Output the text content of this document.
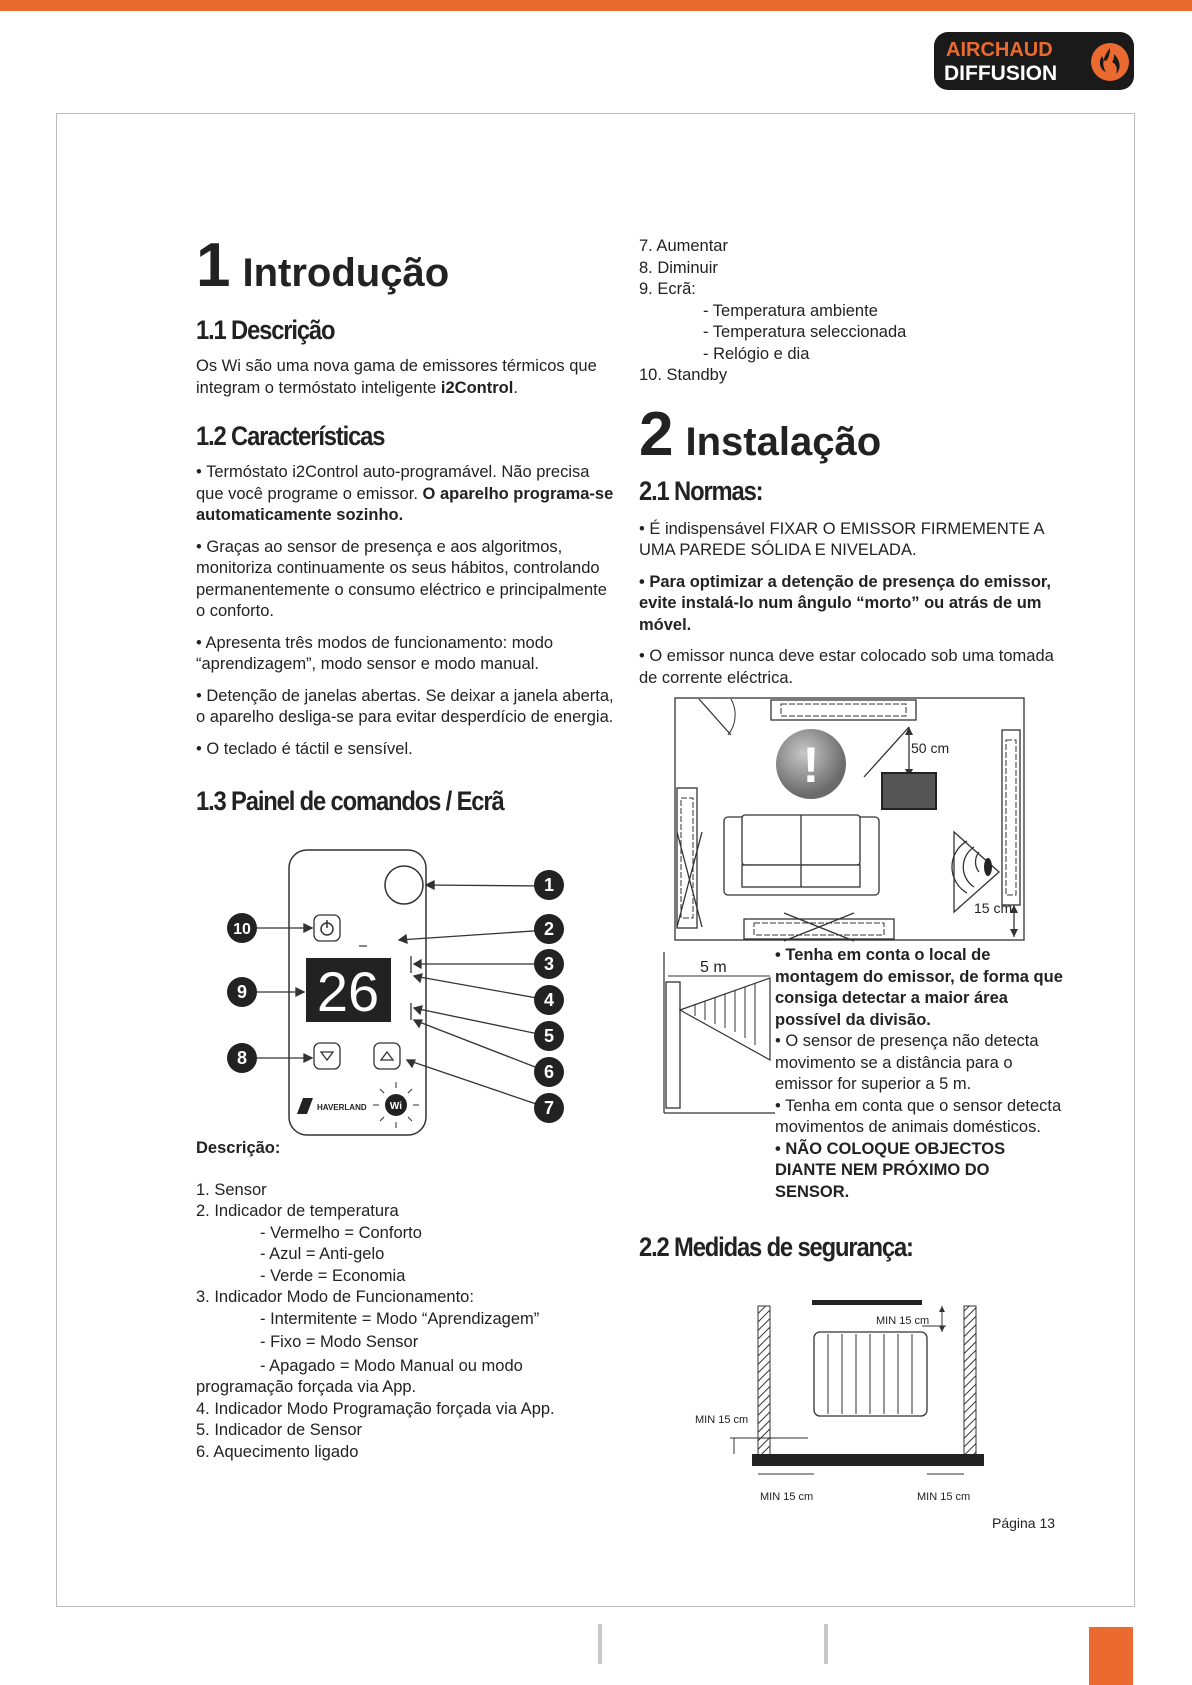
AIRCHAUD
DIFFUSION
1 Introdução
1.1 Descrição

Os Wi são uma nova gama de emissores térmicos que integram o termóstato inteligente i2Control.

1.2 Características

• Termóstato i2Control auto-programável. Não precisa que você programe o emissor. O aparelho programa-se automaticamente sozinho.

• Graças ao sensor de presença e aos algoritmos, monitoriza continuamente os seus hábitos, controlando permanentemente o consumo eléctrico e principalmente o conforto.

• Apresenta três modos de funcionamento: modo “aprendizagem”, modo sensor e modo manual.

• Detenção de janelas abertas. Se deixar a janela aberta, o aparelho desliga-se para evitar desperdício de energia.

• O teclado é táctil e sensível.

1.3 Painel de comandos / Ecrã
26
HAVERLAND Wi
1
2
3
4
5
6
7
10
9
8
Descrição:
1. Sensor
2. Indicador de temperatura
- Vermelho = Conforto
- Azul = Anti-gelo
- Verde = Economia
3. Indicador Modo de Funcionamento:
- Intermitente = Modo “Aprendizagem”
- Fixo = Modo Sensor
- Apagado = Modo Manual ou modo
programação forçada via App.
4. Indicador Modo Programação forçada via App.
5. Indicador de Sensor
6. Aquecimento ligado
7. Aumentar
8. Diminuir
9. Ecrã:
- Temperatura ambiente
- Temperatura seleccionada
- Relógio e dia
10. Standby
2 Instalação
2.1 Normas:

• É indispensável FIXAR O EMISSOR FIRMEMENTE A UMA PAREDE SÓLIDA E NIVELADA.

• Para optimizar a detenção de presença do emissor, evite instalá-lo num ângulo “morto” ou atrás de um móvel.

• O emissor nunca deve estar colocado sob uma tomada de corrente eléctrica.

50 cm
!
15 cm
5 m
• Tenha em conta o local de montagem do emissor, de forma que consiga detectar a maior área possível da divisão.
• O sensor de presença não detecta movimento se a distância para o emissor for superior a 5 m.
• Tenha em conta que o sensor detecta movimentos de animais domésticos.
• NÃO COLOQUE OBJECTOS DIANTE NEM PRÓXIMO DO SENSOR.
2.2 Medidas de segurança:
MIN 15 cm
MIN 15 cm
MIN 15 cm	MIN 15 cm
Página 13
